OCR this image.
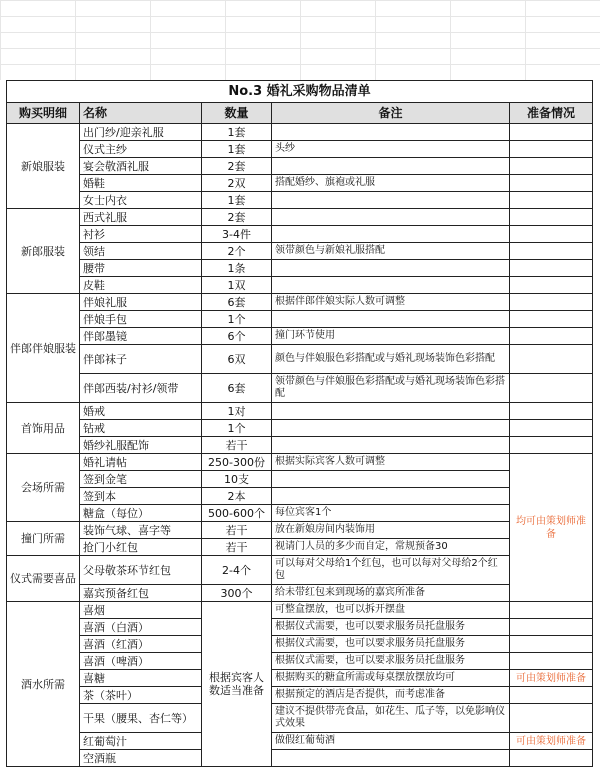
No.3 婚礼采购物品清单				
购买明细	名称	数量	备注	准备情况
新娘服装	出门纱/迎亲礼服	1套		
	仪式主纱	1套	头纱	
	宴会敬酒礼服	2套		
	婚鞋	2双	搭配婚纱、旗袍或礼服	
	女士内衣	1套		
新郎服装	西式礼服	2套		
	衬衫	3-4件		
	领结	2个	领带颜色与新娘礼服搭配	
	腰带	1条		
	皮鞋	1双		
伴郎伴娘服装	伴娘礼服	6套	根据伴郎伴娘实际人数可调整	
	伴娘手包	1个		
	伴郎墨镜	6个	撞门环节使用	
	伴郎袜子	6双	颜色与伴娘服色彩搭配或与婚礼现场装饰色彩搭配	
	伴郎西装/衬衫/领带	6套	领带颜色与伴娘服色彩搭配或与婚礼现场装饰色彩搭配	
首饰用品	婚戒	1对		
	钻戒	1个		
	婚纱礼服配饰	若干		
会场所需	婚礼请帖	250-300份	根据实际宾客人数可调整	均可由策划师准备
	签到金笔	10支		
	签到本	2本		
	糖盒（每位）	500-600个	每位宾客1个	
撞门所需	装饰气球、喜字等	若干	放在新娘房间内装饰用	
	抢门小红包	若干	视请门人员的多少而自定，常规预备30	
仪式需要喜品	父母敬茶环节红包	2-4个	可以每对父母给1个红包，也可以每对父母给2个红包	
	嘉宾预备红包	300个	给未带红包来到现场的嘉宾所准备	
酒水所需	喜烟	根据宾客人数适当准备	可整盒摆放，也可以拆开摆盘	
	喜酒（白酒）		根据仪式需要，也可以要求服务员托盘服务	
	喜酒（红酒）		根据仪式需要，也可以要求服务员托盘服务	
	喜酒（啤酒）		根据仪式需要，也可以要求服务员托盘服务	
	喜糖		根据购买的糖盒所需或每桌摆放摆放均可	可由策划师准备
	茶（茶叶）		根据预定的酒店是否提供，而考虑准备	
	干果（腰果、杏仁等）		建议不提供带壳食品，如花生、瓜子等，以免影响仪式效果	
	红葡萄汁		做假红葡萄酒	可由策划师准备
	空酒瓶			
